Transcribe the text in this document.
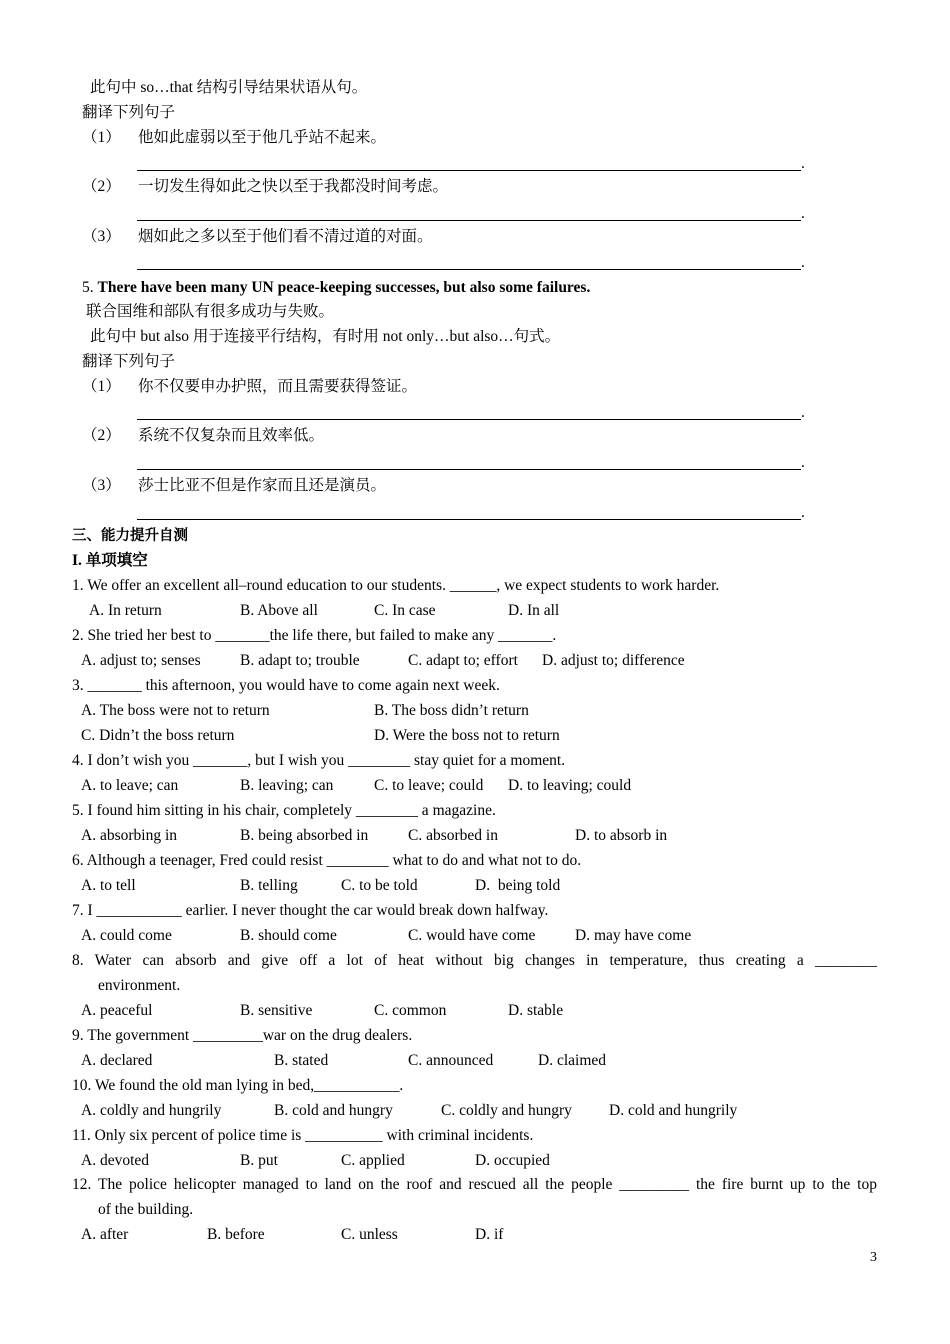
此句中 so…that 结构引导结果状语从句。
翻译下列句子
（1） 他如此虚弱以至于他几乎站不起来。
.
（2） 一切发生得如此之快以至于我都没时间考虑。
.
（3） 烟如此之多以至于他们看不清过道的对面。
.
5. There have been many UN peace-keeping successes, but also some failures.
联合国维和部队有很多成功与失败。
此句中 but also 用于连接平行结构，有时用 not only…but also…句式。
翻译下列句子
（1） 你不仅要申办护照，而且需要获得签证。
.
（2） 系统不仅复杂而且效率低。
.
（3） 莎士比亚不但是作家而且还是演员。
.
三、能力提升自测
I. 单项填空
1. We offer an excellent all–round education to our students. ______, we expect students to work harder.
A. In return	B. Above all	C. In case	D. In all
2. She tried her best to _______the life there, but failed to make any _______.
A. adjust to; senses	B. adapt to; trouble	C. adapt to; effort D. adjust to; difference
3. _______ this afternoon, you would have to come again next week.
A. The boss were not to return	B. The boss didn’t return
C. Didn’t the boss return	D. Were the boss not to return
4. I don’t wish you _______, but I wish you ________ stay quiet for a moment.
A. to leave; can	B. leaving; can	C. to leave; could D. to leaving; could
5. I found him sitting in his chair, completely ________ a magazine.
A. absorbing in	B. being absorbed in	C. absorbed in	D. to absorb in
6. Although a teenager, Fred could resist ________ what to do and what not to do.
A. to tell	B. telling	C. to be told	D.  being told
7. I ___________ earlier. I never thought the car would break down halfway.
A. could come	B. should come	C. would have come	D. may have come
8. Water can absorb and give off a lot of heat without big changes in temperature, thus creating a ________
environment.
A. peaceful	B. sensitive	C. common	D. stable
9. The government _________war on the drug dealers.
A. declared	B. stated	C. announced	D. claimed
10. We found the old man lying in bed,___________.
A. coldly and hungrily	B. cold and hungry	C. coldly and hungry D. cold and hungrily
11. Only six percent of police time is __________ with criminal incidents.
A. devoted	B. put	C. applied	D. occupied
12. The police helicopter managed to land on the roof and rescued all the people _________ the fire burnt up to the top
of the building.
A. after	B. before	C. unless	D. if
3
